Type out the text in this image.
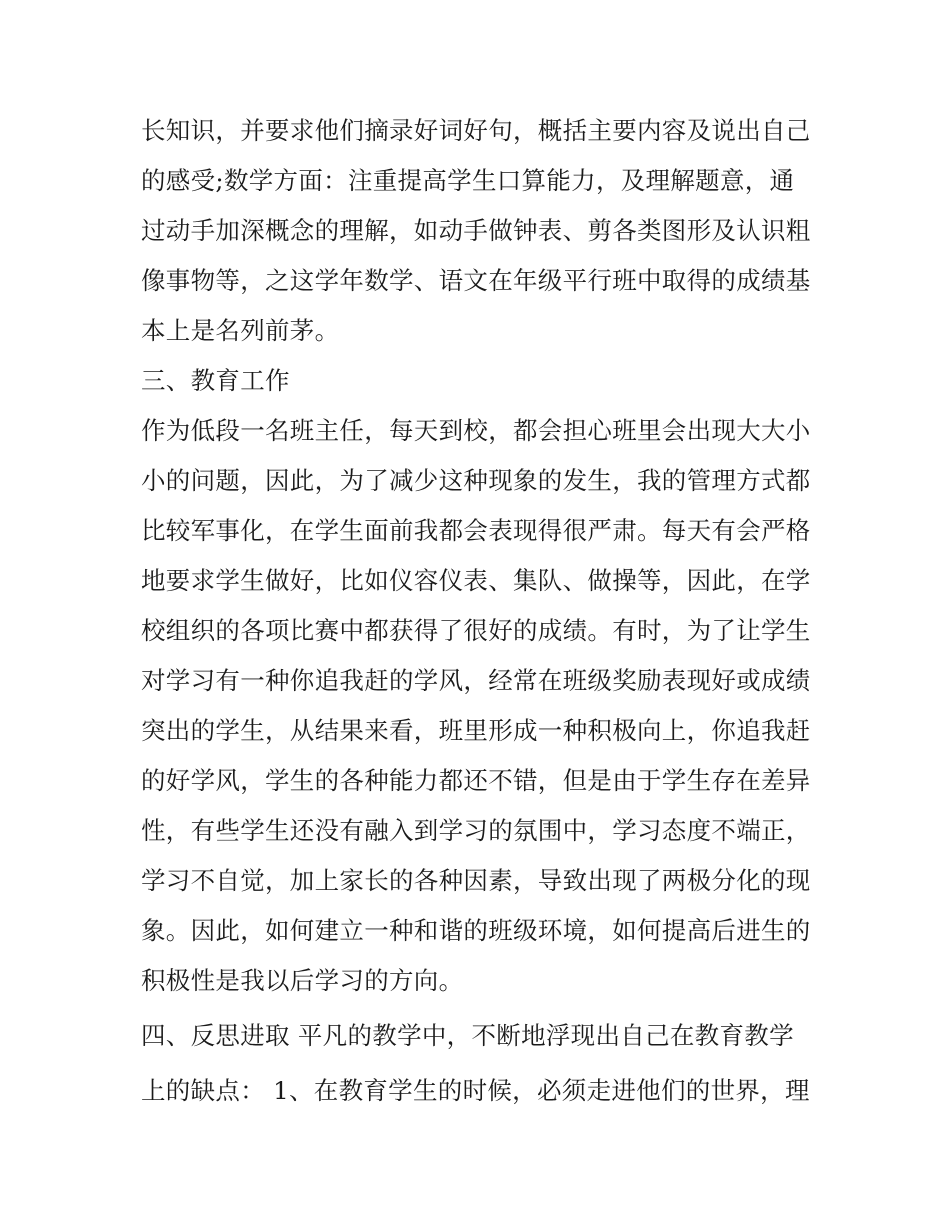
长知识，并要求他们摘录好词好句，概括主要内容及说出自己
的感受;数学方面：注重提高学生口算能力，及理解题意，通
过动手加深概念的理解，如动手做钟表、剪各类图形及认识粗
像事物等，之这学年数学、语文在年级平行班中取得的成绩基
本上是名列前茅。
三、教育工作
作为低段一名班主任，每天到校，都会担心班里会出现大大小
小的问题，因此，为了减少这种现象的发生，我的管理方式都
比较军事化，在学生面前我都会表现得很严肃。每天有会严格
地要求学生做好，比如仪容仪表、集队、做操等，因此，在学
校组织的各项比赛中都获得了很好的成绩。有时，为了让学生
对学习有一种你追我赶的学风，经常在班级奖励表现好或成绩
突出的学生，从结果来看，班里形成一种积极向上，你追我赶
的好学风，学生的各种能力都还不错，但是由于学生存在差异
性，有些学生还没有融入到学习的氛围中，学习态度不端正，
学习不自觉，加上家长的各种因素，导致出现了两极分化的现
象。因此，如何建立一种和谐的班级环境，如何提高后进生的
积极性是我以后学习的方向。
四、反思进取 平凡的教学中，不断地浮现出自己在教育教学
上的缺点： 1、在教育学生的时候，必须走进他们的世界，理
